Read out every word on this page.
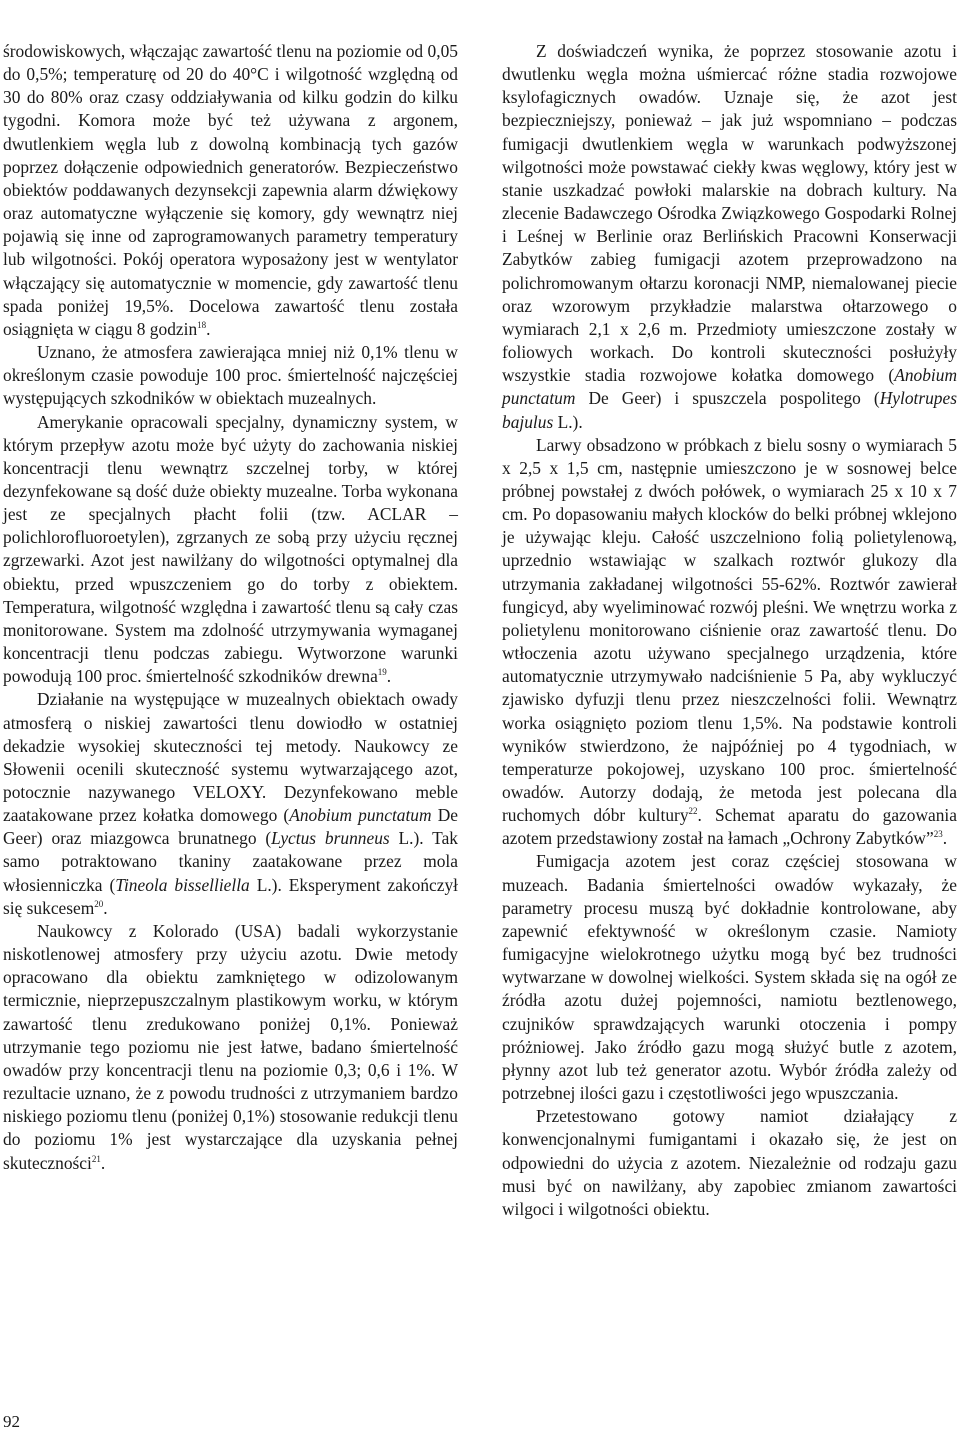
środowiskowych, włączając zawartość tlenu na poziomie od 0,05 do 0,5%; temperaturę od 20 do 40°C i wilgotność względną od 30 do 80% oraz czasy oddziaływania od kilku godzin do kilku tygodni. Komora może być też używana z argonem, dwutlenkiem węgla lub z dowolną kombinacją tych gazów poprzez dołączenie odpowiednich generatorów. Bezpieczeństwo obiektów poddawanych dezynsekcji zapewnia alarm dźwiękowy oraz automatyczne wyłączenie się komory, gdy wewnątrz niej pojawią się inne od zaprogramowanych parametry temperatury lub wilgotności. Pokój operatora wyposażony jest w wentylator włączający się automatycznie w momencie, gdy zawartość tlenu spada poniżej 19,5%. Docelowa zawartość tlenu została osiągnięta w ciągu 8 godzin$^{18}$.

Uznano, że atmosfera zawierająca mniej niż 0,1% tlenu w określonym czasie powoduje 100 proc. śmiertelność najczęściej występujących szkodników w obiektach muzealnych.

Amerykanie opracowali specjalny, dynamiczny system, w którym przepływ azotu może być użyty do zachowania niskiej koncentracji tlenu wewnątrz szczelnej torby, w której dezynfekowane są dość duże obiekty muzealne. Torba wykonana jest ze specjalnych płacht folii (tzw. ACLAR – polichlorofluoroetylen), zgrzanych ze sobą przy użyciu ręcznej zgrzewarki. Azot jest nawilżany do wilgotności optymalnej dla obiektu, przed wpuszczeniem go do torby z obiektem. Temperatura, wilgotność względna i zawartość tlenu są cały czas monitorowane. System ma zdolność utrzymywania wymaganej koncentracji tlenu podczas zabiegu. Wytworzone warunki powodują 100 proc. śmiertelność szkodników drewna$^{19}$.

Działanie na występujące w muzealnych obiektach owady atmosferą o niskiej zawartości tlenu dowiodło w ostatniej dekadzie wysokiej skuteczności tej metody. Naukowcy ze Słowenii ocenili skuteczność systemu wytwarzającego azot, potocznie nazywanego VELOXY. Dezynfekowano meble zaatakowane przez kołatka domowego (Anobium punctatum De Geer) oraz miazgowca brunatnego (Lyctus brunneus L.). Tak samo potraktowano tkaniny zaatakowane przez mola włosienniczka (Tineola bisselliella L.). Eksperyment zakończył się sukcesem$^{20}$.

Naukowcy z Kolorado (USA) badali wykorzystanie niskotlenowej atmosfery przy użyciu azotu. Dwie metody opracowano dla obiektu zamkniętego w odizolowanym termicznie, nieprzepuszczalnym plastikowym worku, w którym zawartość tlenu zredukowano poniżej 0,1%. Ponieważ utrzymanie tego poziomu nie jest łatwe, badano śmiertelność owadów przy koncentracji tlenu na poziomie 0,3; 0,6 i 1%. W rezultacie uznano, że z powodu trudności z utrzymaniem bardzo niskiego poziomu tlenu (poniżej 0,1%) stosowanie redukcji tlenu do poziomu 1% jest wystarczające dla uzyskania pełnej skuteczności$^{21}$.

Z doświadczeń wynika, że poprzez stosowanie azotu i dwutlenku węgla można uśmiercać różne stadia rozwojowe ksylofagicznych owadów. Uznaje się, że azot jest bezpieczniejszy, ponieważ – jak już wspomniano – podczas fumigacji dwutlenkiem węgla w warunkach podwyższonej wilgotności może powstawać ciekły kwas węglowy, który jest w stanie uszkadzać powłoki malarskie na dobrach kultury. Na zlecenie Badawczego Ośrodka Związkowego Gospodarki Rolnej i Leśnej w Berlinie oraz Berlińskich Pracowni Konserwacji Zabytków zabieg fumigacji azotem przeprowadzono na polichromowanym ołtarzu koronacji NMP, niemalowanej piecie oraz wzorowym przykładzie malarstwa ołtarzowego o wymiarach 2,1 x 2,6 m. Przedmioty umieszczone zostały w foliowych workach. Do kontroli skuteczności posłużyły wszystkie stadia rozwojowe kołatka domowego (Anobium punctatum De Geer) i spuszczela pospolitego (Hylotrupes bajulus L.).

Larwy obsadzono w próbkach z bielu sosny o wymiarach 5 x 2,5 x 1,5 cm, następnie umieszczono je w sosnowej belce próbnej powstałej z dwóch połówek, o wymiarach 25 x 10 x 7 cm. Po dopasowaniu małych klocków do belki próbnej wklejono je używając kleju. Całość uszczelniono folią polietylenową, uprzednio wstawiając w szalkach roztwór glukozy dla utrzymania zakładanej wilgotności 55-62%. Roztwór zawierał fungicyd, aby wyeliminować rozwój pleśni. We wnętrzu worka z polietylenu monitorowano ciśnienie oraz zawartość tlenu. Do wtłoczenia azotu używano specjalnego urządzenia, które automatycznie utrzymywało nadciśnienie 5 Pa, aby wykluczyć zjawisko dyfuzji tlenu przez nieszczelności folii. Wewnątrz worka osiągnięto poziom tlenu 1,5%. Na podstawie kontroli wyników stwierdzono, że najpóźniej po 4 tygodniach, w temperaturze pokojowej, uzyskano 100 proc. śmiertelność owadów. Autorzy dodają, że metoda jest polecana dla ruchomych dóbr kultury$^{22}$. Schemat aparatu do gazowania azotem przedstawiony został na łamach „Ochrony Zabytków”$^{23}$.

Fumigacja azotem jest coraz częściej stosowana w muzeach. Badania śmiertelności owadów wykazały, że parametry procesu muszą być dokładnie kontrolowane, aby zapewnić efektywność w określonym czasie. Namioty fumigacyjne wielokrotnego użytku mogą być bez trudności wytwarzane w dowolnej wielkości. System składa się na ogół ze źródła azotu dużej pojemności, namiotu beztlenowego, czujników sprawdzających warunki otoczenia i pompy próżniowej. Jako źródło gazu mogą służyć butle z azotem, płynny azot lub też generator azotu. Wybór źródła zależy od potrzebnej ilości gazu i częstotliwości jego wpuszczania.

Przetestowano gotowy namiot działający z konwencjonalnymi fumigantami i okazało się, że jest on odpowiedni do użycia z azotem. Niezależnie od rodzaju gazu musi być on nawilżany, aby zapobiec zmianom zawartości wilgoci i wilgotności obiektu.

92
